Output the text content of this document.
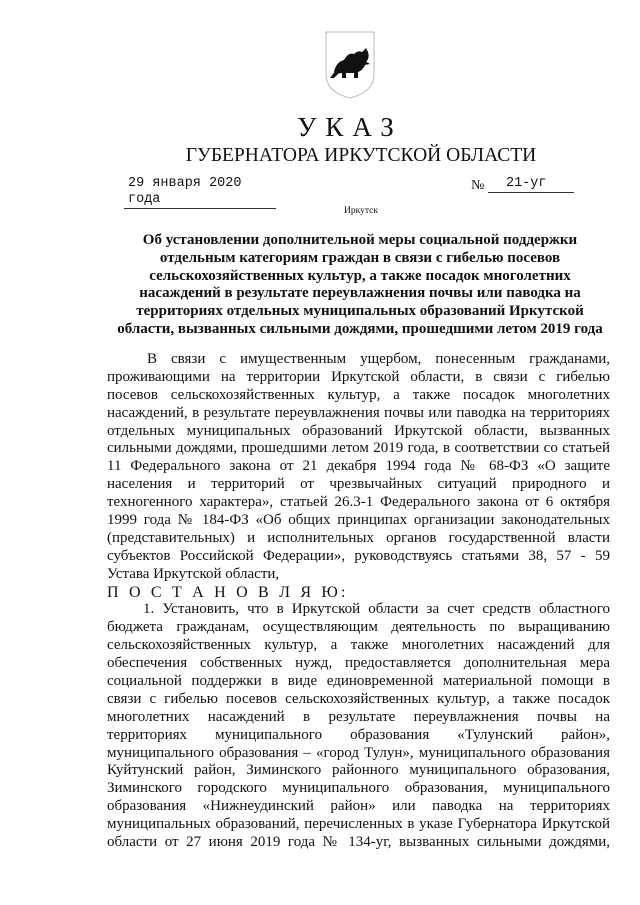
УКАЗ
ГУБЕРНАТОРА ИРКУТСКОЙ ОБЛАСТИ
29 января 2020 года
№	21-уг
Иркутск
Об установлении дополнительной меры социальной поддержки
отдельным категориям граждан в связи с гибелью посевов
сельскохозяйственных культур, а также посадок многолетних
насаждений в результате переувлажнения почвы или паводка на
территориях отдельных муниципальных образований Иркутской
области, вызванных сильными дождями, прошедшими летом 2019 года
В связи с имущественным ущербом, понесенным гражданами,
проживающими на территории Иркутской области, в связи с гибелью
посевов сельскохозяйственных культур, а также посадок многолетних
насаждений, в результате переувлажнения почвы или паводка на территориях
отдельных муниципальных образований Иркутской области, вызванных
сильными дождями, прошедшими летом 2019 года, в соответствии со статьей
11 Федерального закона от 21 декабря 1994 года № 68-ФЗ «О защите
населения и территорий от чрезвычайных ситуаций природного и
техногенного характера», статьей 26.3-1 Федерального закона от 6 октября
1999 года № 184-ФЗ «Об общих принципах организации законодательных
(представительных) и исполнительных органов государственной власти
субъектов Российской Федерации», руководствуясь статьями 38, 57 - 59
Устава Иркутской области,
П О С Т А Н О В Л Я Ю:
1. Установить, что в Иркутской области за счет средств областного
бюджета гражданам, осуществляющим деятельность по выращиванию
сельскохозяйственных культур, а также многолетних насаждений для
обеспечения собственных нужд, предоставляется дополнительная мера
социальной поддержки в виде единовременной материальной помощи в
связи с гибелью посевов сельскохозяйственных культур, а также посадок
многолетних насаждений в результате переувлажнения почвы на
территориях муниципального образования «Тулунский район»,
муниципального образования – «город Тулун», муниципального образования
Куйтунский район, Зиминского районного муниципального образования,
Зиминского городского муниципального образования, муниципального
образования «Нижнеудинский район» или паводка на территориях
муниципальных образований, перечисленных в указе Губернатора Иркутской
области от 27 июня 2019 года № 134-уг, вызванных сильными дождями,
